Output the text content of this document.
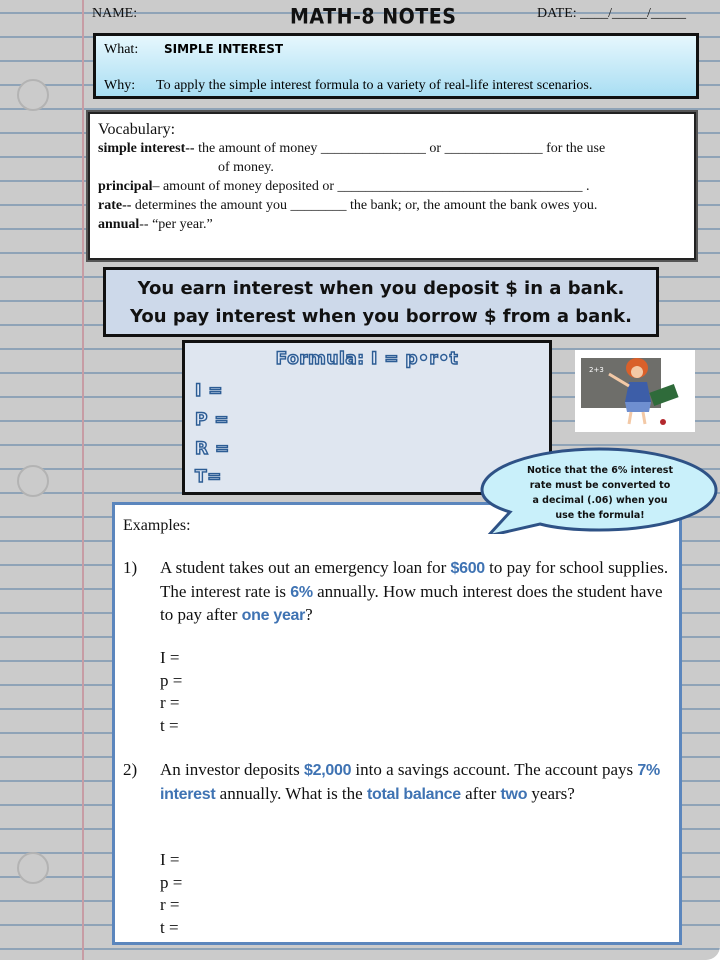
NAME:	MATH-8 NOTES	DATE: ____/_____/_____
What: SIMPLE INTEREST
Why: To apply the simple interest formula to a variety of real-life interest scenarios.
Vocabulary:
simple interest-- the amount of money _______________ or ______________ for the use
of money.
principal– amount of money deposited or ___________________________________ .
rate-- determines the amount you ________ the bank; or, the amount the bank owes you.
annual-- “per year.”
You earn interest when you deposit $ in a bank.
You pay interest when you borrow $ from a bank.
Formula: I = p•r•t
I =
P =
R =
T=
2+3
Examples:
1) A student takes out an emergency loan for $600 to pay for school supplies. The interest rate is 6% annually. How much interest does the student have to pay after one year?
I =
p =
r =
t =
2) An investor deposits $2,000 into a savings account. The account pays 7% interest annually. What is the total balance after two years?
I =
p =
r =
t =
Notice that the 6% interest rate must be converted to a decimal (.06) when you use the formula!
